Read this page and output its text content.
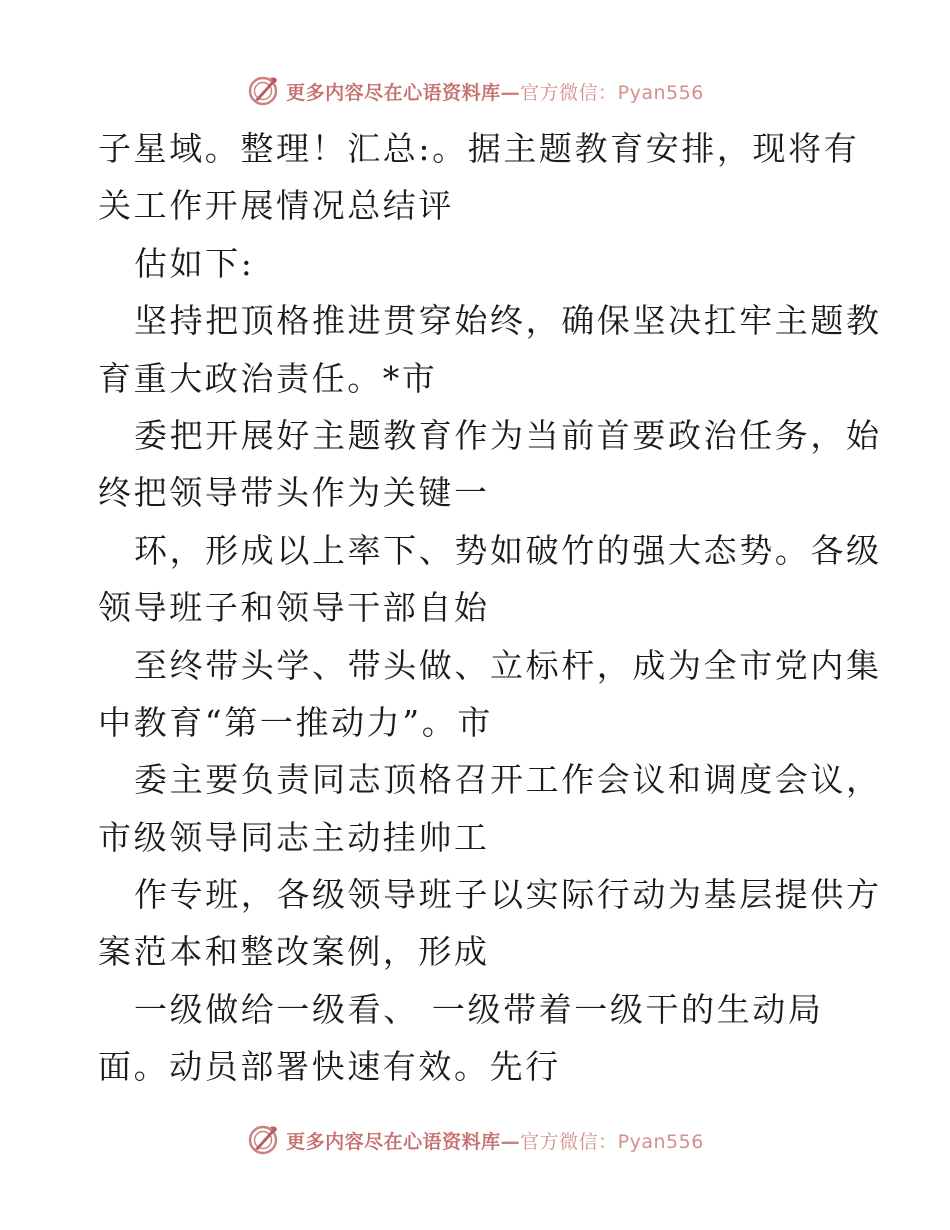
更多内容尽在心语资料库—官方微信：Pyan556
子星域。整理！汇总:。据主题教育安排，现将有
关工作开展情况总结评
估如下:
坚持把顶格推进贯穿始终，确保坚决扛牢主题教
育重大政治责任。*市
委把开展好主题教育作为当前首要政治任务，始
终把领导带头作为关键一
环，形成以上率下、势如破竹的强大态势。各级
领导班子和领导干部自始
至终带头学、带头做、立标杆，成为全市党内集
中教育“第一推动力”。市
委主要负责同志顶格召开工作会议和调度会议，
市级领导同志主动挂帅工
作专班，各级领导班子以实际行动为基层提供方
案范本和整改案例，形成
一级做给一级看、 一级带着一级干的生动局
面。动员部署快速有效。先行
更多内容尽在心语资料库—官方微信：Pyan556
